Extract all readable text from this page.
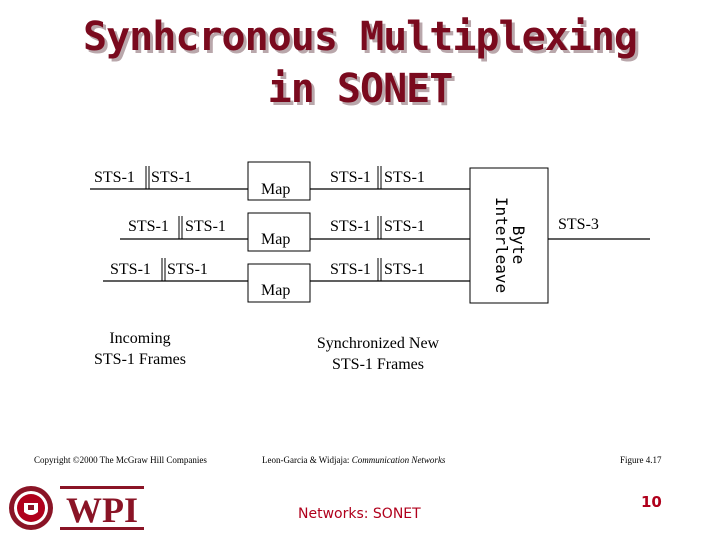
Synhcronous Multiplexing
in SONET
STS-1 STS-1
STS-1 STS-1
STS-1 STS-1
Map
Map
Map
STS-1 STS-1
STS-1 STS-1
STS-1 STS-1
Byte
Interleave	STS-3
Incoming
STS-1 Frames
Synchronized New
STS-1 Frames
Copyright ©2000 The McGraw Hill Companies	Leon-Garcia & Widjaja: Communication Networks	Figure 4.17
WPI	Networks: SONET
10
